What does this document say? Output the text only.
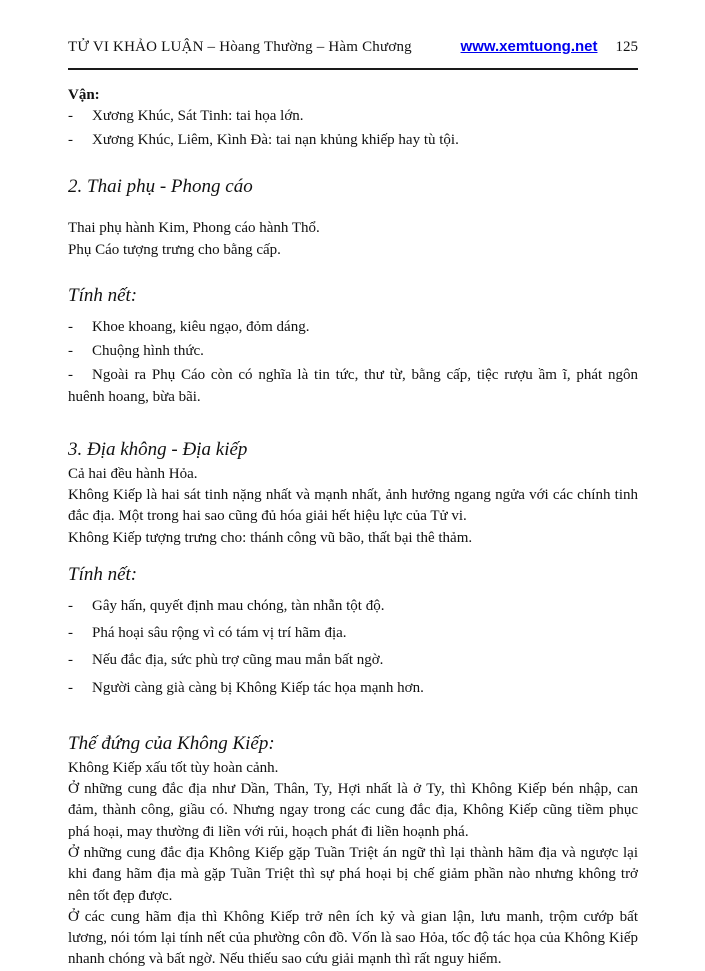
TỬ VI KHẢO LUẬN – Hòang Thường – Hàm Chương	www.xemtuong.net 125
Vận:

- Xương Khúc, Sát Tinh: tai họa lớn.

- Xương Khúc, Liêm, Kình Đà: tai nạn khủng khiếp hay tù tội.

2. Thai phụ - Phong cáo

Thai phụ hành Kim, Phong cáo hành Thổ.

Phụ Cáo tượng trưng cho bằng cấp.

Tính nết:

- Khoe khoang, kiêu ngạo, đỏm dáng.

- Chuộng hình thức.

- Ngoài ra Phụ Cáo còn có nghĩa là tin tức, thư từ, bằng cấp, tiệc rượu ầm ĩ, phát ngôn huênh hoang, bừa bãi.

3. Địa không - Địa kiếp

Cả hai đều hành Hỏa.

Không Kiếp là hai sát tinh nặng nhất và mạnh nhất, ảnh hưởng ngang ngửa với các chính tinh đắc địa. Một trong hai sao cũng đủ hóa giải hết hiệu lực của Tử vi.

Không Kiếp tượng trưng cho: thánh công vũ bão, thất bại thê thảm.

Tính nết:

- Gây hấn, quyết định mau chóng, tàn nhẫn tột độ.

- Phá hoại sâu rộng vì có tám vị trí hãm địa.

- Nếu đắc địa, sức phù trợ cũng mau mắn bất ngờ.

- Người càng già càng bị Không Kiếp tác họa mạnh hơn.

Thế đứng của Không Kiếp:

Không Kiếp xấu tốt tùy hoàn cảnh.

Ở những cung đắc địa như Dần, Thân, Ty, Hợi nhất là ở Ty, thì Không Kiếp bén nhập, can đảm, thành công, giầu có. Nhưng ngay trong các cung đắc địa, Không Kiếp cũng tiềm phục phá hoại, may thường đi liền với rủi, hoạch phát đi liền hoạnh phá.

Ở những cung đắc địa Không Kiếp gặp Tuần Triệt án ngữ thì lại thành hãm địa và ngược lại khi đang hãm địa mà gặp Tuần Triệt thì sự phá hoại bị chế giảm phần nào nhưng không trở nên tốt đẹp được.

Ở các cung hãm địa thì Không Kiếp trở nên ích kỷ và gian lận, lưu manh, trộm cướp bất lương, nói tóm lại tính nết của phường côn đồ. Vốn là sao Hỏa, tốc độ tác họa của Không Kiếp nhanh chóng và bất ngờ. Nếu thiếu sao cứu giải mạnh thì rất nguy hiểm.
